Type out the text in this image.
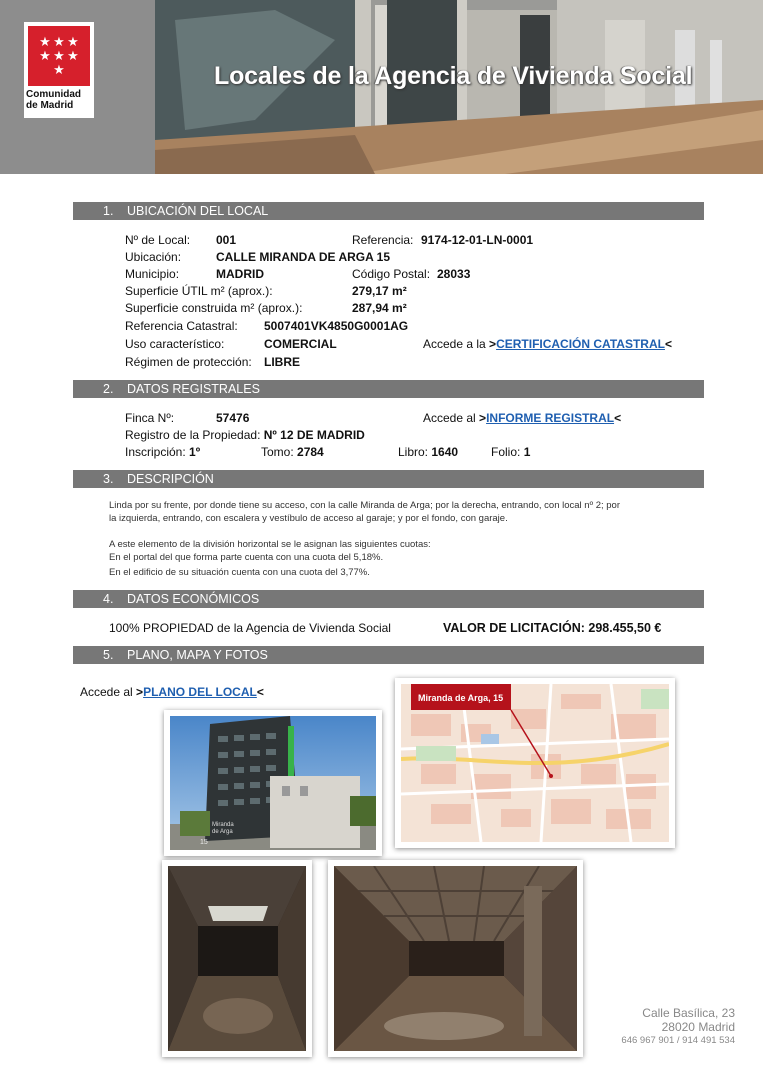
★ ★ ★
★ ★ ★
★
Comunidad
de Madrid
Locales de la Agencia de Vivienda Social
1. UBICACIÓN DEL LOCAL
Nº de Local: 001	Referencia: 9174-12-01-LN-0001
Ubicación:	CALLE MIRANDA DE ARGA 15
Municipio:	MADRID	Código Postal: 28033
Superficie ÚTIL m² (aprox.):	279,17 m²
Superficie construida m² (aprox.):	287,94 m²
Referencia Catastral: 5007401VK4850G0001AG
Uso característico:	COMERCIAL	Accede a la >CERTIFICACIÓN CATASTRAL<
Régimen de protección: LIBRE
2. DATOS REGISTRALES
Finca Nº:	57476	Accede al >INFORME REGISTRAL<
Registro de la Propiedad: Nº 12 DE MADRID
Inscripción: 1º	Tomo: 2784	Libro: 1640	Folio: 1
3. DESCRIPCIÓN
Linda por su frente, por donde tiene su acceso, con la calle Miranda de Arga; por la derecha, entrando, con local nº 2; por
la izquierda, entrando, con escalera y vestíbulo de acceso al garaje; y por el fondo, con garaje.
A este elemento de la división horizontal se le asignan las siguientes cuotas:
En el portal del que forma parte cuenta con una cuota del 5,18%.
En el edificio de su situación cuenta con una cuota del 3,77%.
4. DATOS ECONÓMICOS
100% PROPIEDAD de la Agencia de Vivienda Social	VALOR DE LICITACIÓN: 298.455,50 €
5. PLANO, MAPA Y FOTOS
Accede al >PLANO DEL LOCAL<
Miranda
de Arga
15
Miranda de Arga, 15
Calle Basílica, 23
28020 Madrid
646 967 901 / 914 491 534
